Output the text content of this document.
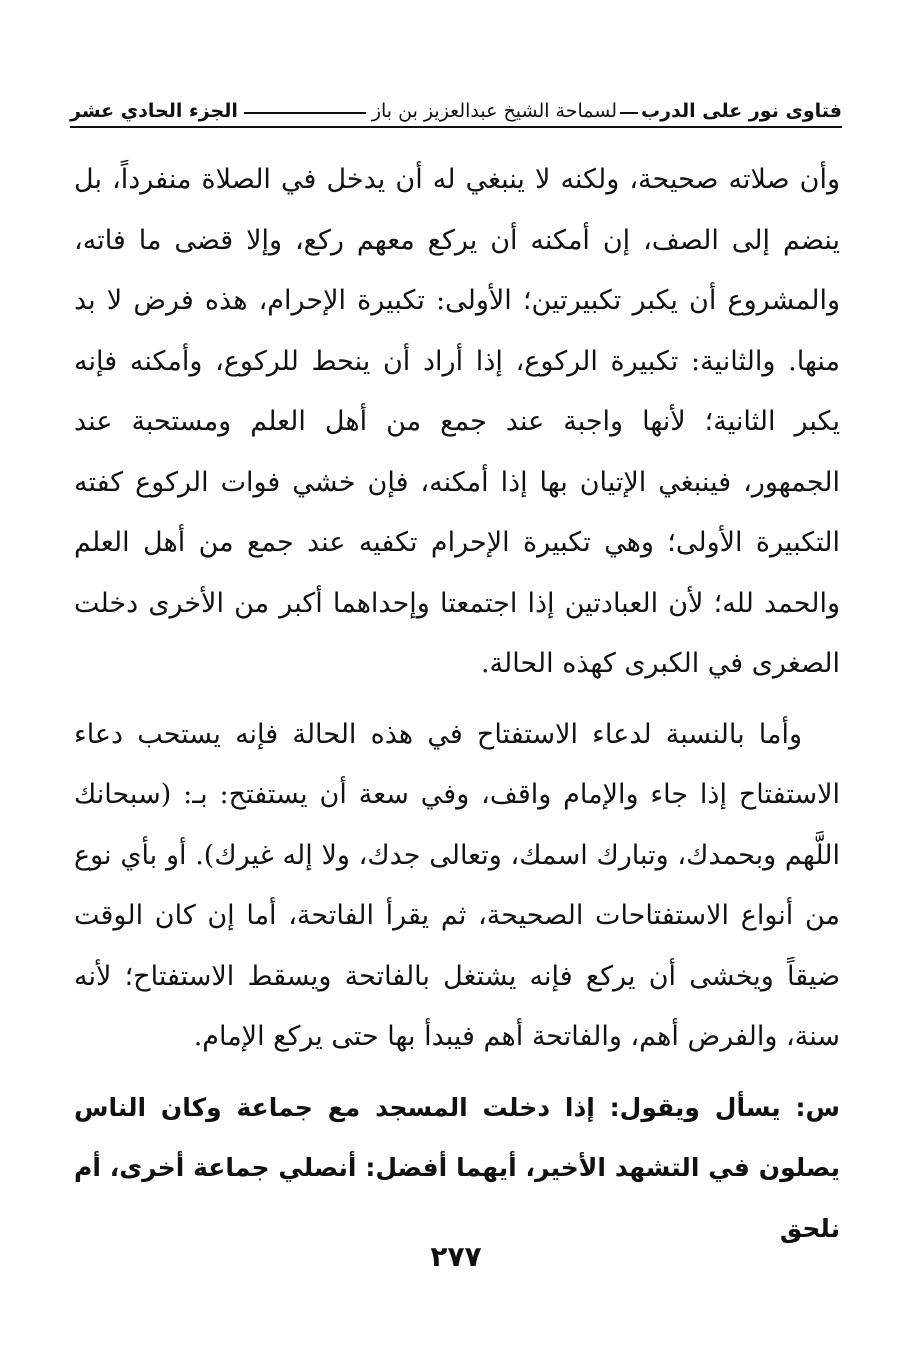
فتاوى نور على الدرب
لسماحة الشيخ عبدالعزيز بن باز
الجزء الحادي عشر

وأن صلاته صحيحة، ولكنه لا ينبغي له أن يدخل في الصلاة منفرداً، بل ينضم إلى الصف، إن أمكنه أن يركع معهم ركع، وإلا قضى ما فاته، والمشروع أن يكبر تكبيرتين؛ الأولى: تكبيرة الإحرام، هذه فرض لا بد منها. والثانية: تكبيرة الركوع، إذا أراد أن ينحط للركوع، وأمكنه فإنه يكبر الثانية؛ لأنها واجبة عند جمع من أهل العلم ومستحبة عند الجمهور، فينبغي الإتيان بها إذا أمكنه، فإن خشي فوات الركوع كفته التكبيرة الأولى؛ وهي تكبيرة الإحرام تكفيه عند جمع من أهل العلم والحمد لله؛ لأن العبادتين إذا اجتمعتا وإحداهما أكبر من الأخرى دخلت الصغرى في الكبرى كهذه الحالة.

وأما بالنسبة لدعاء الاستفتاح في هذه الحالة فإنه يستحب دعاء الاستفتاح إذا جاء والإمام واقف، وفي سعة أن يستفتح: بـ: (سبحانك اللَّهم وبحمدك، وتبارك اسمك، وتعالى جدك، ولا إله غيرك). أو بأي نوع من أنواع الاستفتاحات الصحيحة، ثم يقرأ الفاتحة، أما إن كان الوقت ضيقاً ويخشى أن يركع فإنه يشتغل بالفاتحة ويسقط الاستفتاح؛ لأنه سنة، والفرض أهم، والفاتحة أهم فيبدأ بها حتى يركع الإمام.

س: يسأل ويقول: إذا دخلت المسجد مع جماعة وكان الناس يصلون في التشهد الأخير، أيهما أفضل: أنصلي جماعة أخرى، أم نلحق

٢٧٧
